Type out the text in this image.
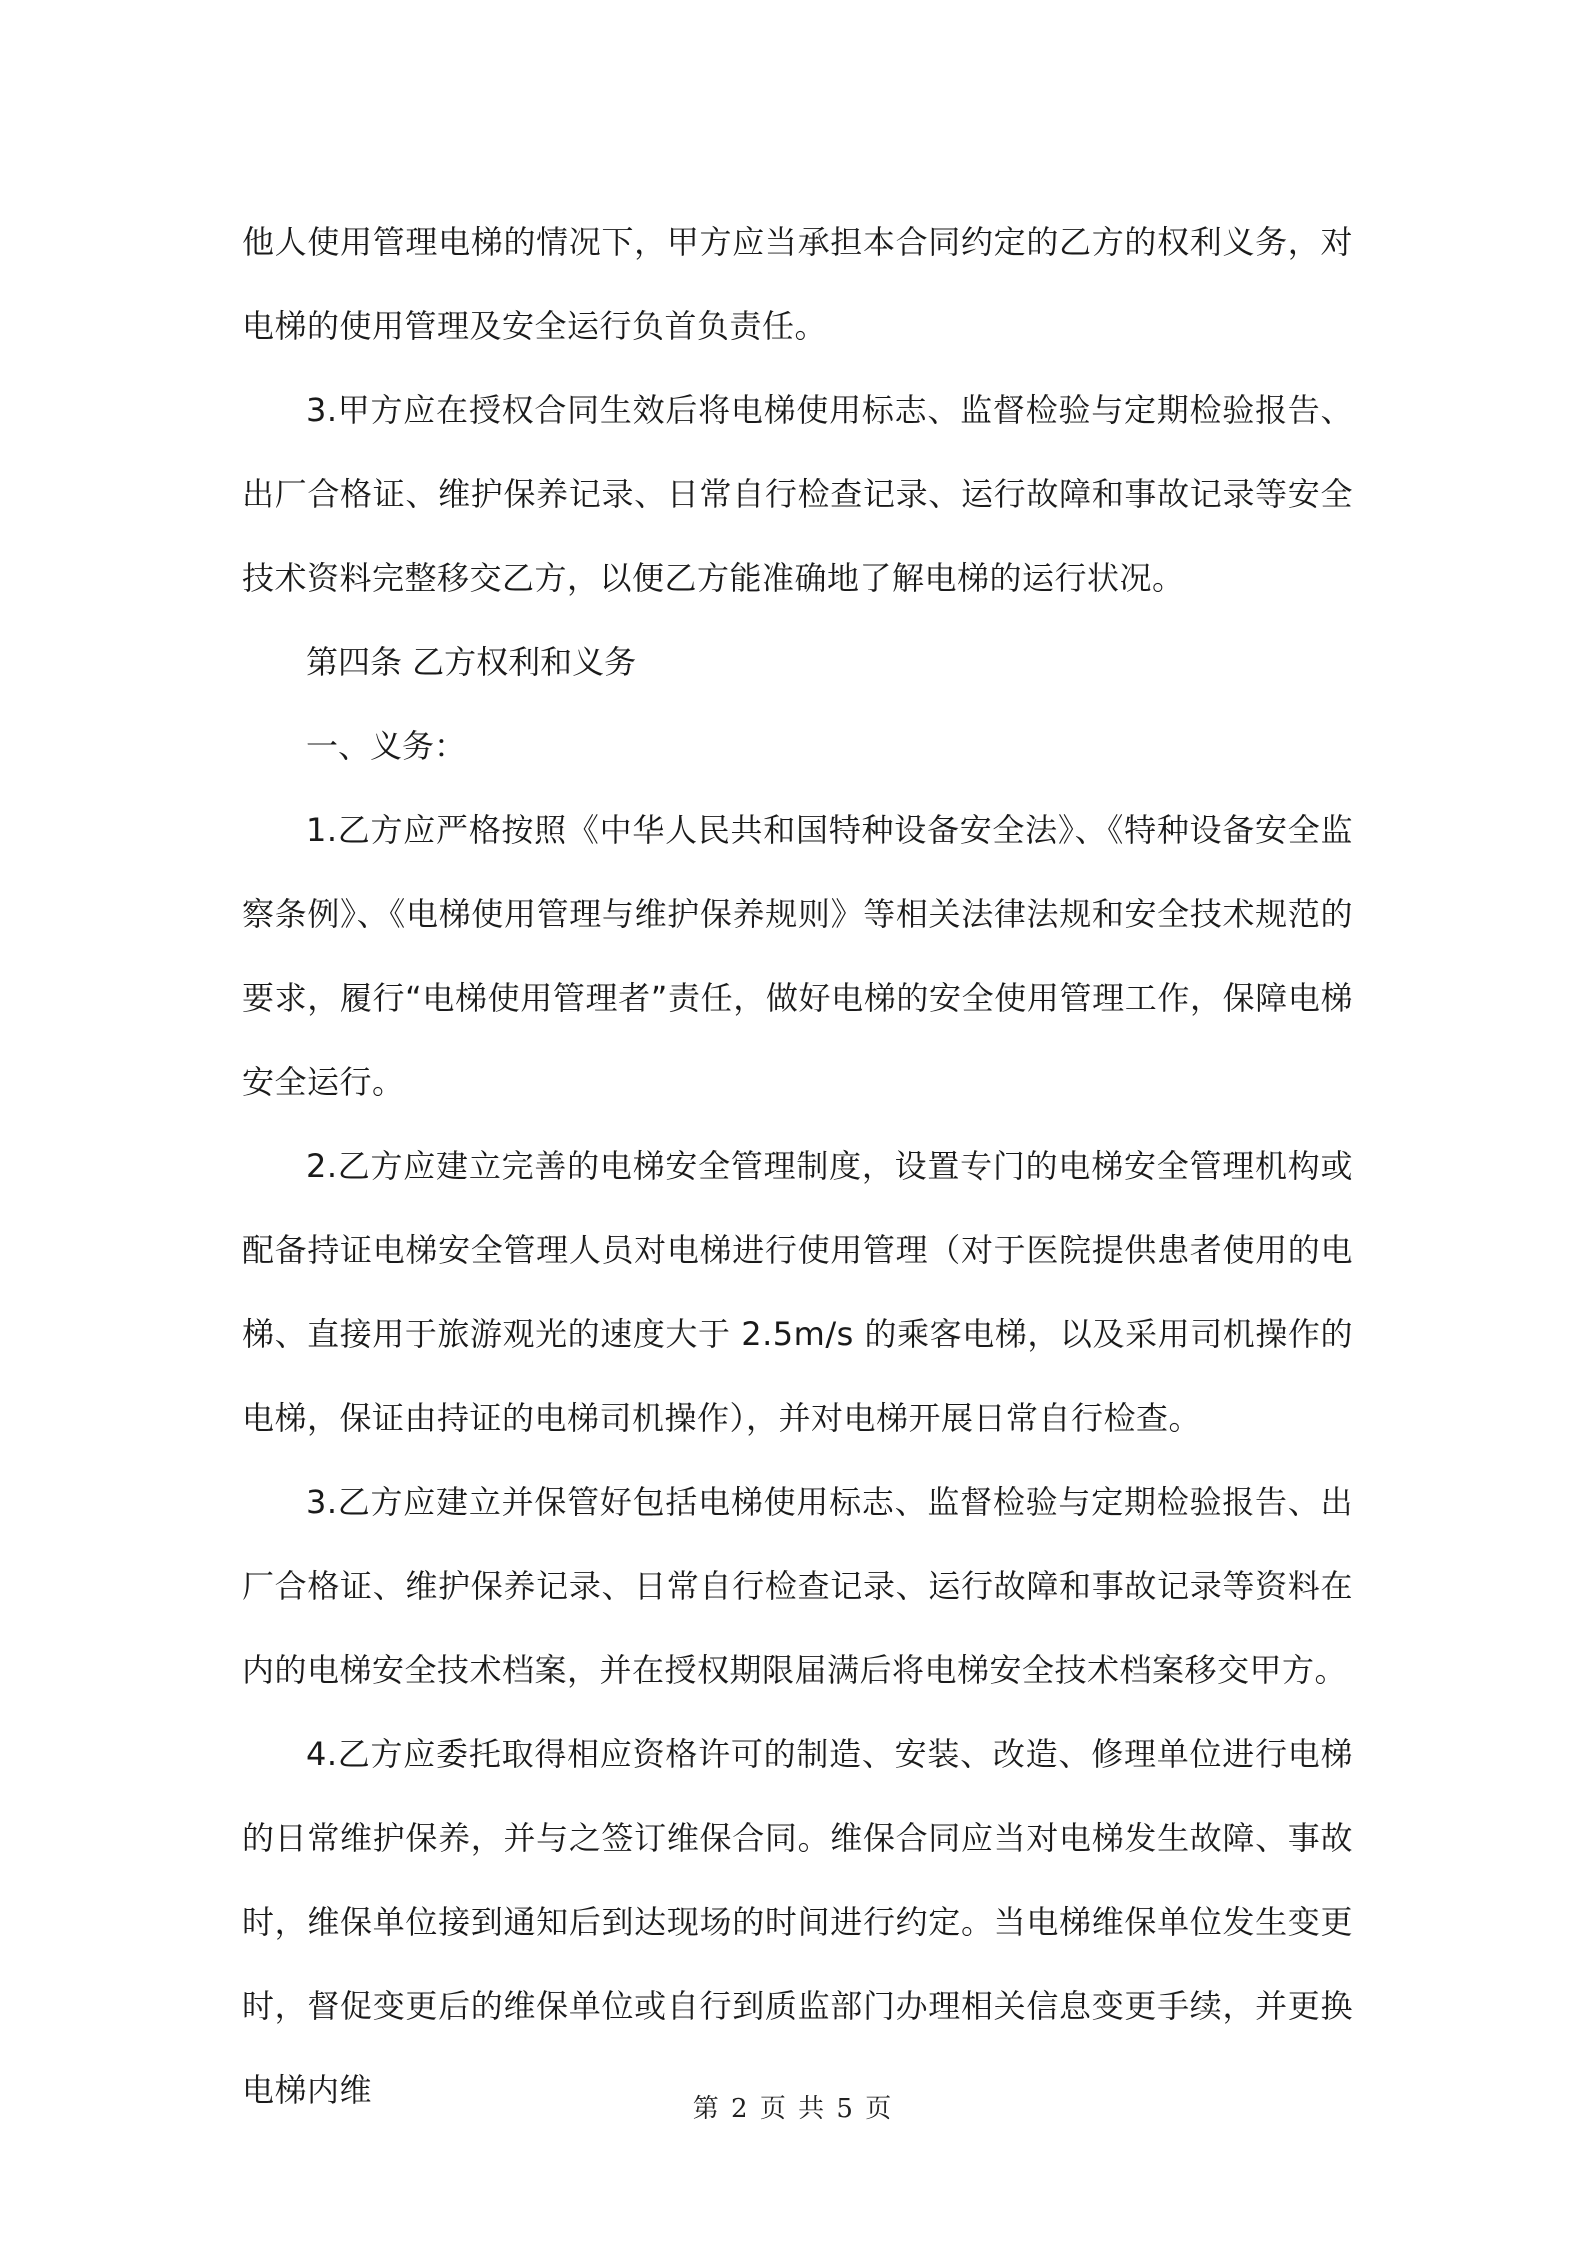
他人使用管理电梯的情况下，甲方应当承担本合同约定的乙方的权利义务，对电梯的使用管理及安全运行负首负责任。

3.甲方应在授权合同生效后将电梯使用标志、监督检验与定期检验报告、出厂合格证、维护保养记录、日常自行检查记录、运行故障和事故记录等安全技术资料完整移交乙方，以便乙方能准确地了解电梯的运行状况。

第四条 乙方权利和义务

一、义务：

1.乙方应严格按照《中华人民共和国特种设备安全法》、《特种设备安全监察条例》、《电梯使用管理与维护保养规则》等相关法律法规和安全技术规范的要求，履行“电梯使用管理者”责任，做好电梯的安全使用管理工作，保障电梯安全运行。

2.乙方应建立完善的电梯安全管理制度，设置专门的电梯安全管理机构或配备持证电梯安全管理人员对电梯进行使用管理（对于医院提供患者使用的电梯、直接用于旅游观光的速度大于 2.5m/s 的乘客电梯，以及采用司机操作的电梯，保证由持证的电梯司机操作），并对电梯开展日常自行检查。

3.乙方应建立并保管好包括电梯使用标志、监督检验与定期检验报告、出厂合格证、维护保养记录、日常自行检查记录、运行故障和事故记录等资料在内的电梯安全技术档案，并在授权期限届满后将电梯安全技术档案移交甲方。

4.乙方应委托取得相应资格许可的制造、安装、改造、修理单位进行电梯的日常维护保养，并与之签订维保合同。维保合同应当对电梯发生故障、事故时，维保单位接到通知后到达现场的时间进行约定。当电梯维保单位发生变更时，督促变更后的维保单位或自行到质监部门办理相关信息变更手续，并更换电梯内维	第 2 页 共 5 页
